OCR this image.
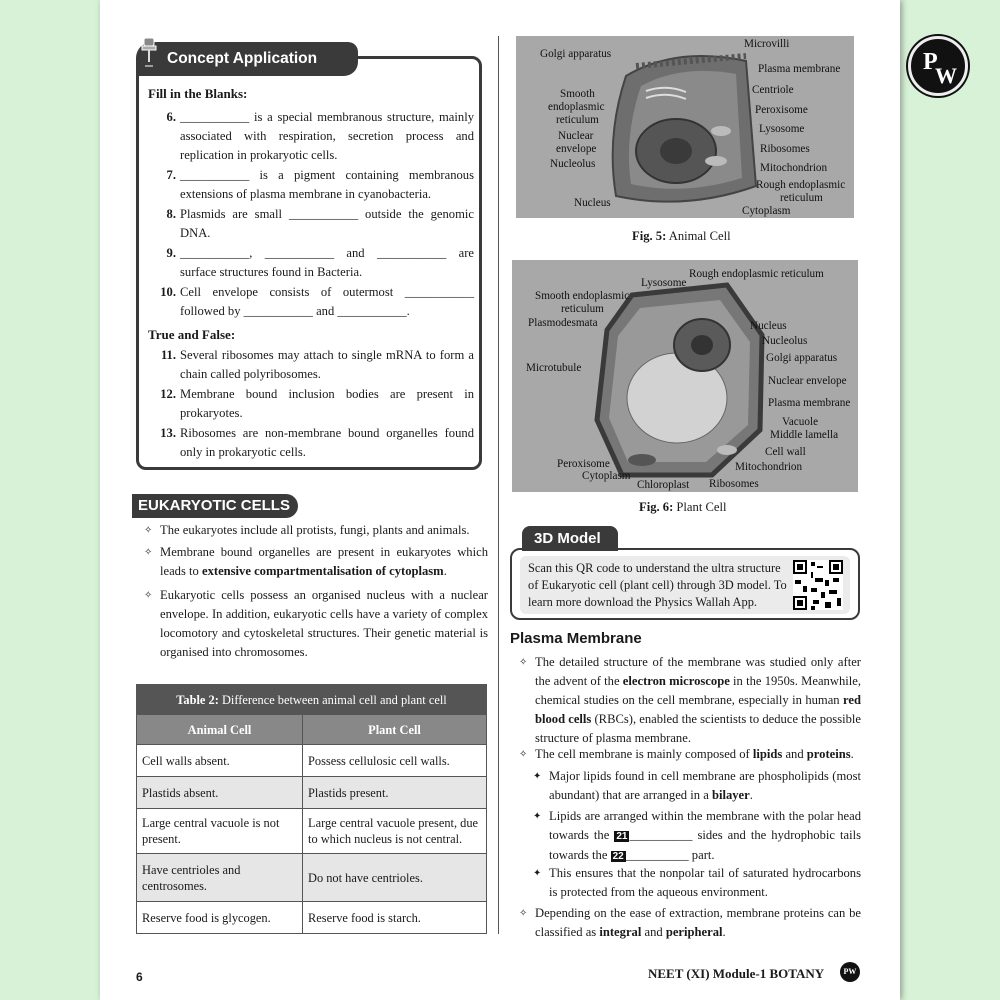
P
W
Concept Application
Fill in the Blanks:
6. ___________ is a special membranous structure, mainly associated with respiration, secretion process and replication in prokaryotic cells.
7. ___________ is a pigment containing membranous extensions of plasma membrane in cyanobacteria.
8. Plasmids are small ___________ outside the genomic DNA.
9. ___________, ___________ and ___________ are surface structures found in Bacteria.
10. Cell envelope consists of outermost ___________ followed by ___________ and ___________.
True and False:
11. Several ribosomes may attach to single mRNA to form a chain called polyribosomes.
12. Membrane bound inclusion bodies are present in prokaryotes.
13. Ribosomes are non-membrane bound organelles found only in prokaryotic cells.
EUKARYOTIC CELLS
✧ The eukaryotes include all protists, fungi, plants and animals.
✧ Membrane bound organelles are present in eukaryotes which leads to extensive compartmentalisation of cytoplasm.
✧ Eukaryotic cells possess an organised nucleus with a nuclear envelope. In addition, eukaryotic cells have a variety of complex locomotory and cytoskeletal structures. Their genetic material is organised into chromosomes.
Table 2: Difference between animal cell and plant cell	
Animal Cell	Plant Cell
Cell walls absent.	Possess cellulosic cell walls.
Plastids absent.	Plastids present.
Large central vacuole is not present.	Large central vacuole present, due to which nucleus is not central.
Have centrioles and centrosomes.	Do not have centrioles.
Reserve food is glycogen.	Reserve food is starch.
Golgi apparatus
Microvilli
Plasma membrane
Smooth
endoplasmic
reticulum
Centriole
Peroxisome
Nuclear
envelope
Lysosome
Nucleolus
Ribosomes
Mitochondrion
Rough endoplasmic
reticulum
Nucleus
Cytoplasm
Fig. 5: Animal Cell
Rough endoplasmic reticulum
Lysosome
Smooth endoplasmic
reticulum
Plasmodesmata	Nucleus
Nucleolus
Golgi apparatus
Microtubule
Nuclear envelope
Plasma membrane
Vacuole
Middle lamella
Cell wall
Peroxisome	Mitochondrion
Cytoplasm
Ribosomes
Chloroplast
Fig. 6: Plant Cell
3D Model
Scan this QR code to understand the ultra structure of Eukaryotic cell (plant cell) through 3D model. To learn more download the Physics Wallah App.
Plasma Membrane
✧ The detailed structure of the membrane was studied only after the advent of the electron microscope in the 1950s. Meanwhile, chemical studies on the cell membrane, especially in human red blood cells (RBCs), enabled the scientists to deduce the possible structure of plasma membrane.
✧ The cell membrane is mainly composed of lipids and proteins.
✦ Major lipids found in cell membrane are phospholipids (most abundant) that are arranged in a bilayer.
✦ Lipids are arranged within the membrane with the polar head towards the 21 __________ sides and the hydrophobic tails towards the 22 __________ part.
✦ This ensures that the nonpolar tail of saturated hydrocarbons is protected from the aqueous environment.
✧ Depending on the ease of extraction, membrane proteins can be classified as integral and peripheral.
6	NEET (XI) Module-1 BOTANY	PW
